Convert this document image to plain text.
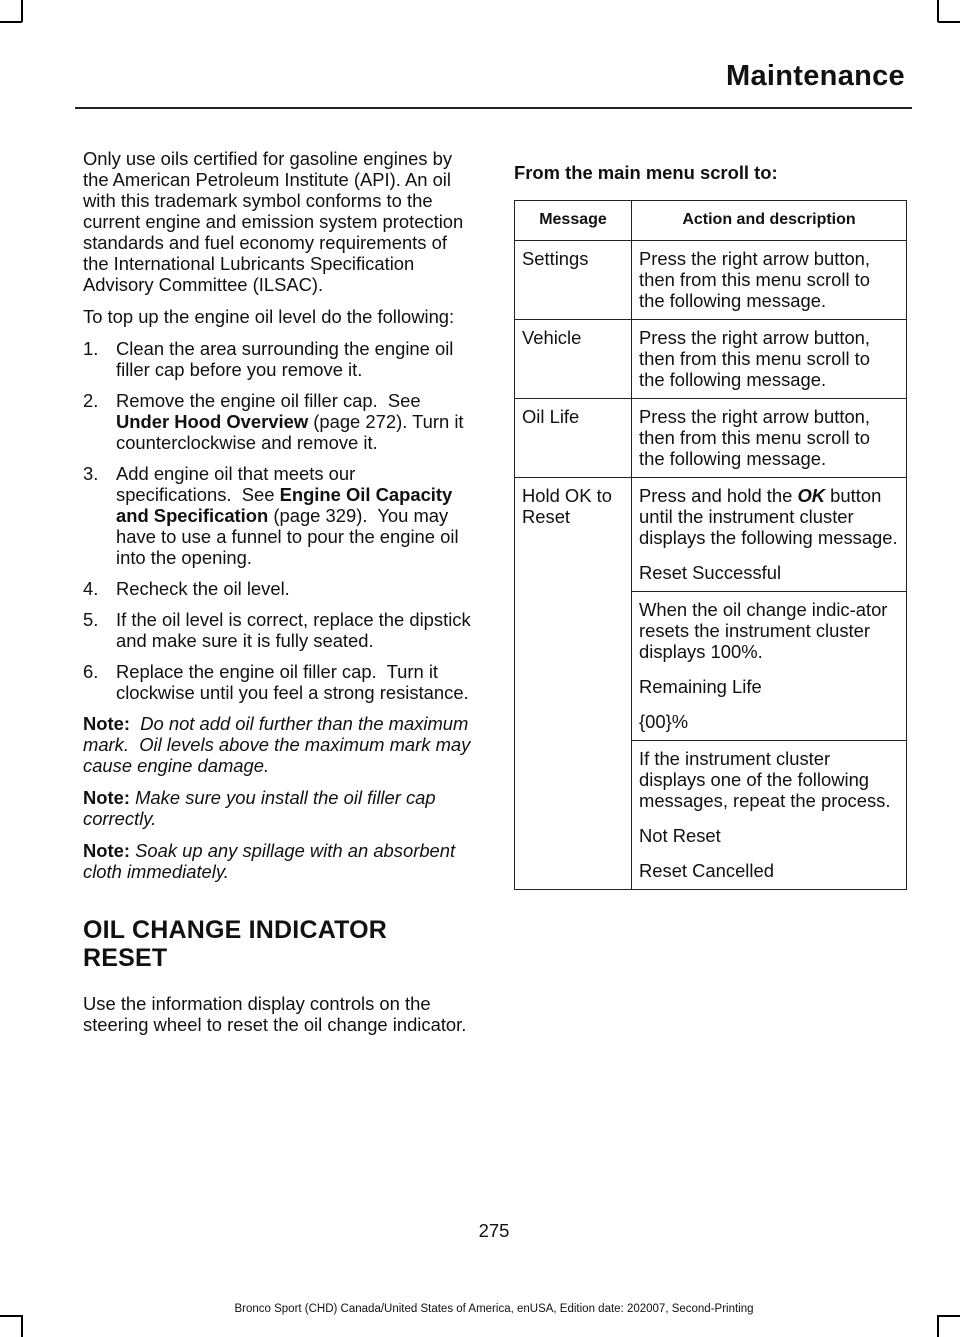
Maintenance

Only use oils certified for gasoline engines by the American Petroleum Institute (API). An oil with this trademark symbol conforms to the current engine and emission system protection standards and fuel economy requirements of the International Lubricants Specification Advisory Committee (ILSAC).

To top up the engine oil level do the following:

1. Clean the area surrounding the engine oil filler cap before you remove it.
2. Remove the engine oil filler cap.  See Under Hood Overview (page 272). Turn it counterclockwise and remove it.
3. Add engine oil that meets our specifications.  See Engine Oil Capacity and Specification (page 329).  You may have to use a funnel to pour the engine oil into the opening.
4. Recheck the oil level.
5. If the oil level is correct, replace the dipstick and make sure it is fully seated.
6. Replace the engine oil filler cap.  Turn it clockwise until you feel a strong resistance.

Note:  Do not add oil further than the maximum mark.  Oil levels above the maximum mark may cause engine damage.

Note: Make sure you install the oil filler cap correctly.

Note: Soak up any spillage with an absorbent cloth immediately.

OIL CHANGE INDICATOR
RESET

Use the information display controls on the steering wheel to reset the oil change indicator.

From the main menu scroll to:

Message	Action and description
Settings	Press the right arrow button, then from this menu scroll to the following message.
Vehicle	Press the right arrow button, then from this menu scroll to the following message.
Oil Life	Press the right arrow button, then from this menu scroll to the following message.
Hold OK to Reset	Press and hold the OK button until the instrument cluster displays the following message.

Reset Successful

	When the oil change indic-ator resets the instrument cluster displays 100%.

Remaining Life

{00}%

	If the instrument cluster displays one of the following messages, repeat the process.

Not Reset

Reset Cancelled

275
Bronco Sport (CHD) Canada/United States of America, enUSA, Edition date: 202007, Second-Printing
